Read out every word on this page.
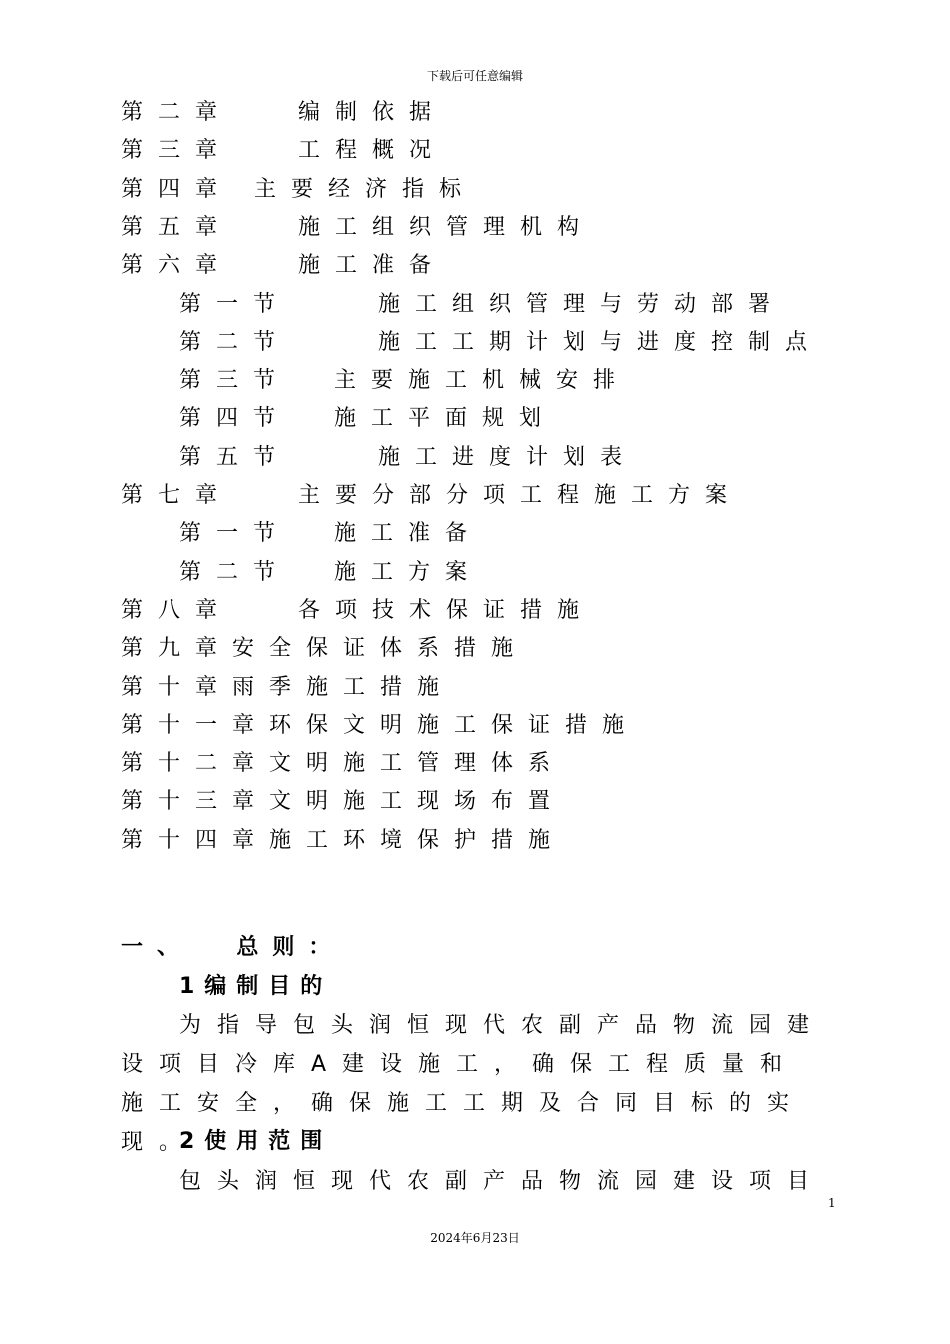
下载后可任意编辑
第二章	编制依据
第三章	工程概况
第四章 主要经济指标
第五章	施工组织管理机构
第六章	施工准备
第一节	施工组织管理与劳动部署
第二节	施工工期计划与进度控制点
第三节 主要施工机械安排
第四节 施工平面规划
第五节	施工进度计划表
第七章	主要分部分项工程施工方案
第一节 施工准备
第二节 施工方案
第八章	各项技术保证措施
第九章安全保证体系措施
第十章雨季施工措施
第十一章环保文明施工保证措施
第十二章文明施工管理体系
第十三章文明施工现场布置
第十四章施工环境保护措施
一、  总则：
1编制目的
为指导包头润恒现代农副产品物流园建设项目冷库A建设施工，确保工程质量和施工安全，确保施工工期及合同目标的实现。
2使用范围
包头润恒现代农副产品物流园建设项目
1
2024年6月23日
